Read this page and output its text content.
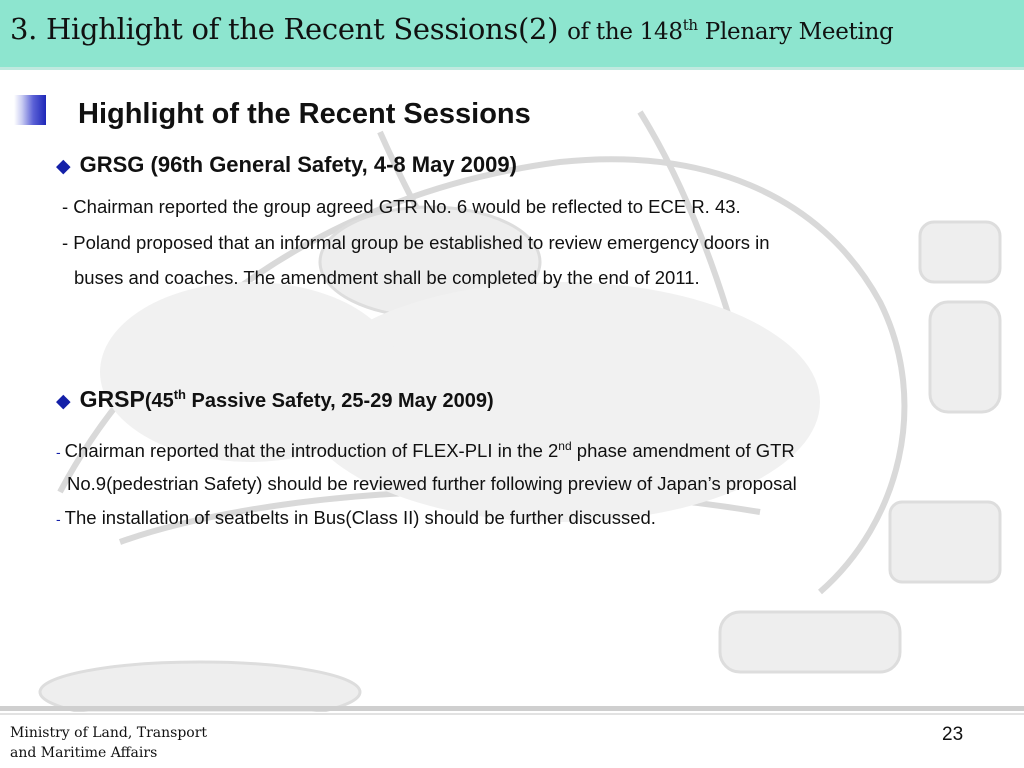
3. Highlight of the Recent Sessions(2) of the 148th Plenary Meeting
Highlight of the Recent Sessions
◆ GRSG (96th General Safety, 4-8 May 2009)
- Chairman reported the group agreed GTR No. 6 would be reflected to ECE R. 43.
- Poland proposed that an informal group be established to review emergency doors in
buses and coaches. The amendment shall be completed by the end of 2011.
◆ GRSP(45th Passive Safety, 25-29 May 2009)
- Chairman reported that the introduction of FLEX-PLI in the 2nd phase amendment of GTR
No.9(pedestrian Safety) should be reviewed further following preview of Japan’s proposal
- The installation of seatbelts in Bus(Class II) should be further discussed.
Ministry of Land, Transport
and Maritime Affairs
23
